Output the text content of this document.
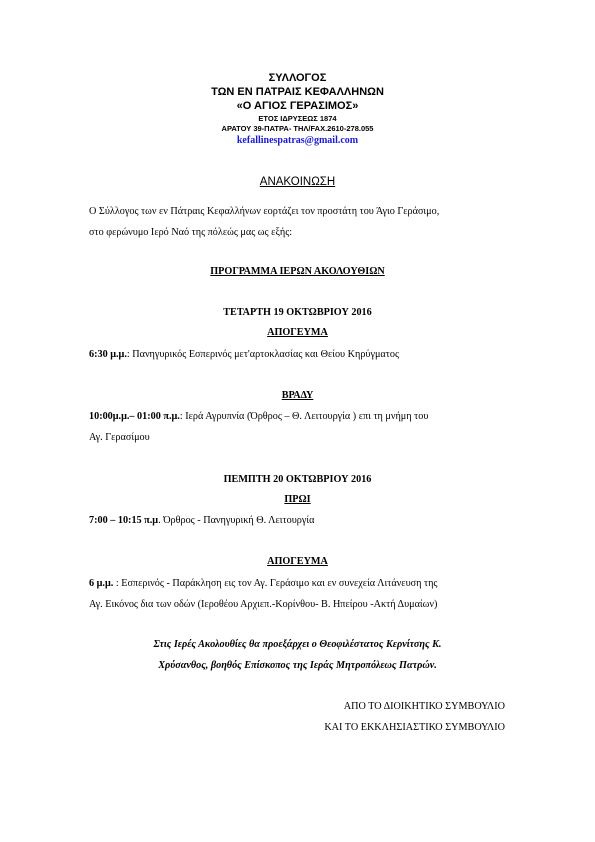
ΣΥΛΛΟΓΟΣ
ΤΩΝ ΕΝ ΠΑΤΡΑΙΣ ΚΕΦΑΛΛΗΝΩΝ
«Ο ΑΓΙΟΣ ΓΕΡΑΣΙΜΟΣ»
ΕΤΟΣ ΙΔΡΥΣΕΩΣ 1874
ΑΡΑΤΟΥ 39-ΠΑΤΡΑ- ΤΗΛ/FAX.2610-278.055
kefallinespatras@gmail.com
ΑΝΑΚΟΙΝΩΣΗ
Ο Σύλλογος των εν Πάτραις Κεφαλλήνων εορτάζει τον προστάτη του Άγιο Γεράσιμο,
στο φερώνυμο Ιερό Ναό της πόλεώς μας ως εξής:
ΠΡΟΓΡΑΜΜΑ ΙΕΡΩΝ ΑΚΟΛΟΥΘΙΩΝ
ΤΕΤΑΡΤΗ 19 ΟΚΤΩΒΡΙΟΥ 2016
ΑΠΟΓΕΥΜΑ
6:30 μ.μ.: Πανηγυρικός Εσπερινός μετ'αρτοκλασίας και Θείου Κηρύγματος
ΒΡΑΔΥ
10:00μ.μ.– 01:00 π.μ.: Ιερά Αγρυπνία (Όρθρος – Θ. Λειτουργία ) επι τη μνήμη του
Αγ. Γερασίμου
ΠΕΜΠΤΗ 20 ΟΚΤΩΒΡΙΟΥ 2016
ΠΡΩΙ
7:00 – 10:15 π.μ. Όρθρος - Πανηγυρική Θ. Λειτουργία
ΑΠΟΓΕΥΜΑ
6 μ.μ. : Εσπερινός - Παράκληση εις τον Αγ. Γεράσιμο και εν συνεχεία Λιτάνευση της
Αγ. Εικόνος δια των οδών (Ιεροθέου Αρχιεπ.-Κορίνθου- Β. Ηπείρου -Ακτή Δυμαίων)
Στις Ιερές Ακολουθίες θα προεξάρχει ο Θεοφιλέστατος Κερνίτσης Κ.
Χρύσανθος, βοηθός Επίσκοπος της Ιεράς Μητροπόλεως Πατρών.
ΑΠΟ ΤΟ ΔΙΟΙΚΗΤΙΚΟ ΣΥΜΒΟΥΛΙΟ
ΚΑΙ ΤΟ ΕΚΚΛΗΣΙΑΣΤΙΚΟ ΣΥΜΒΟΥΛΙΟ
